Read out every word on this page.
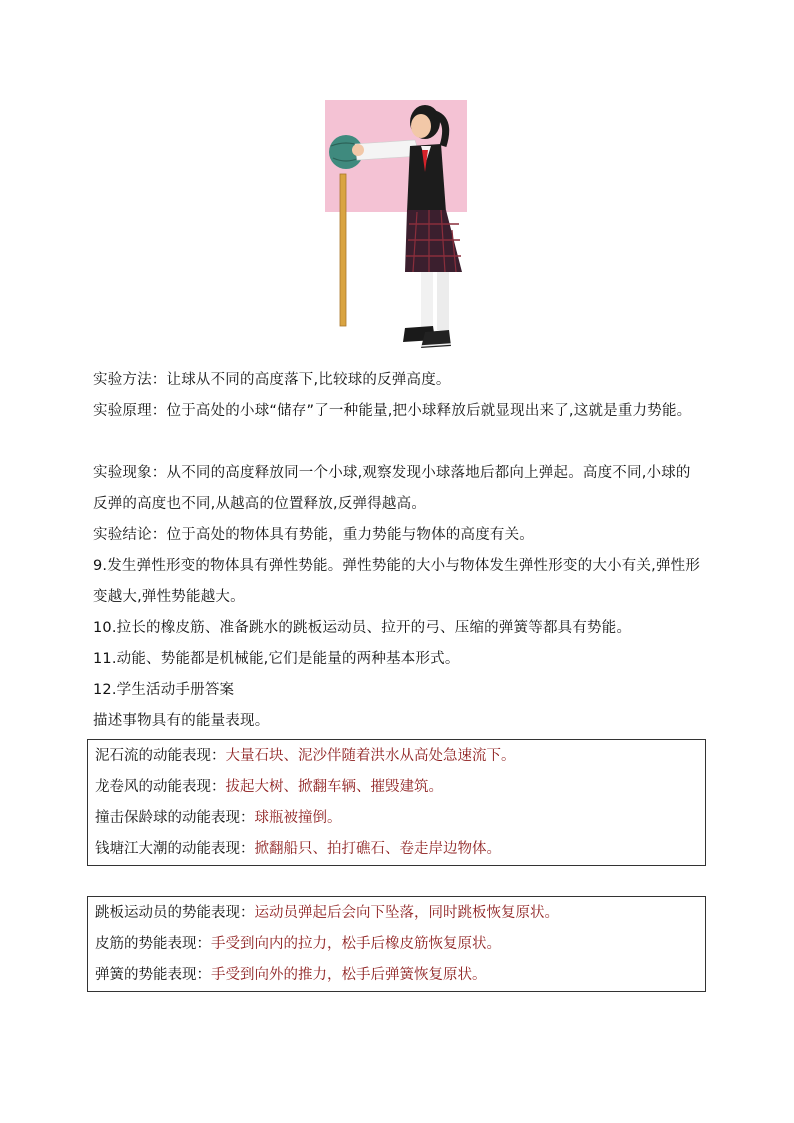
实验方法：让球从不同的高度落下,比较球的反弹高度。
实验原理：位于高处的小球“储存”了一种能量,把小球释放后就显现出来了,这就是重力势能。
实验现象：从不同的高度释放同一个小球,观察发现小球落地后都向上弹起。高度不同,小球的反弹的高度也不同,从越高的位置释放,反弹得越高。
实验结论：位于高处的物体具有势能，重力势能与物体的高度有关。
9.发生弹性形变的物体具有弹性势能。弹性势能的大小与物体发生弹性形变的大小有关,弹性形变越大,弹性势能越大。
10.拉长的橡皮筋、准备跳水的跳板运动员、拉开的弓、压缩的弹簧等都具有势能。
11.动能、势能都是机械能,它们是能量的两种基本形式。
12.学生活动手册答案
描述事物具有的能量表现。
泥石流的动能表现：大量石块、泥沙伴随着洪水从高处急速流下。
龙卷风的动能表现：拔起大树、掀翻车辆、摧毁建筑。
撞击保龄球的动能表现：球瓶被撞倒。
钱塘江大潮的动能表现：掀翻船只、拍打礁石、卷走岸边物体。
跳板运动员的势能表现：运动员弹起后会向下坠落，同时跳板恢复原状。
皮筋的势能表现：手受到向内的拉力，松手后橡皮筋恢复原状。
弹簧的势能表现：手受到向外的推力，松手后弹簧恢复原状。
